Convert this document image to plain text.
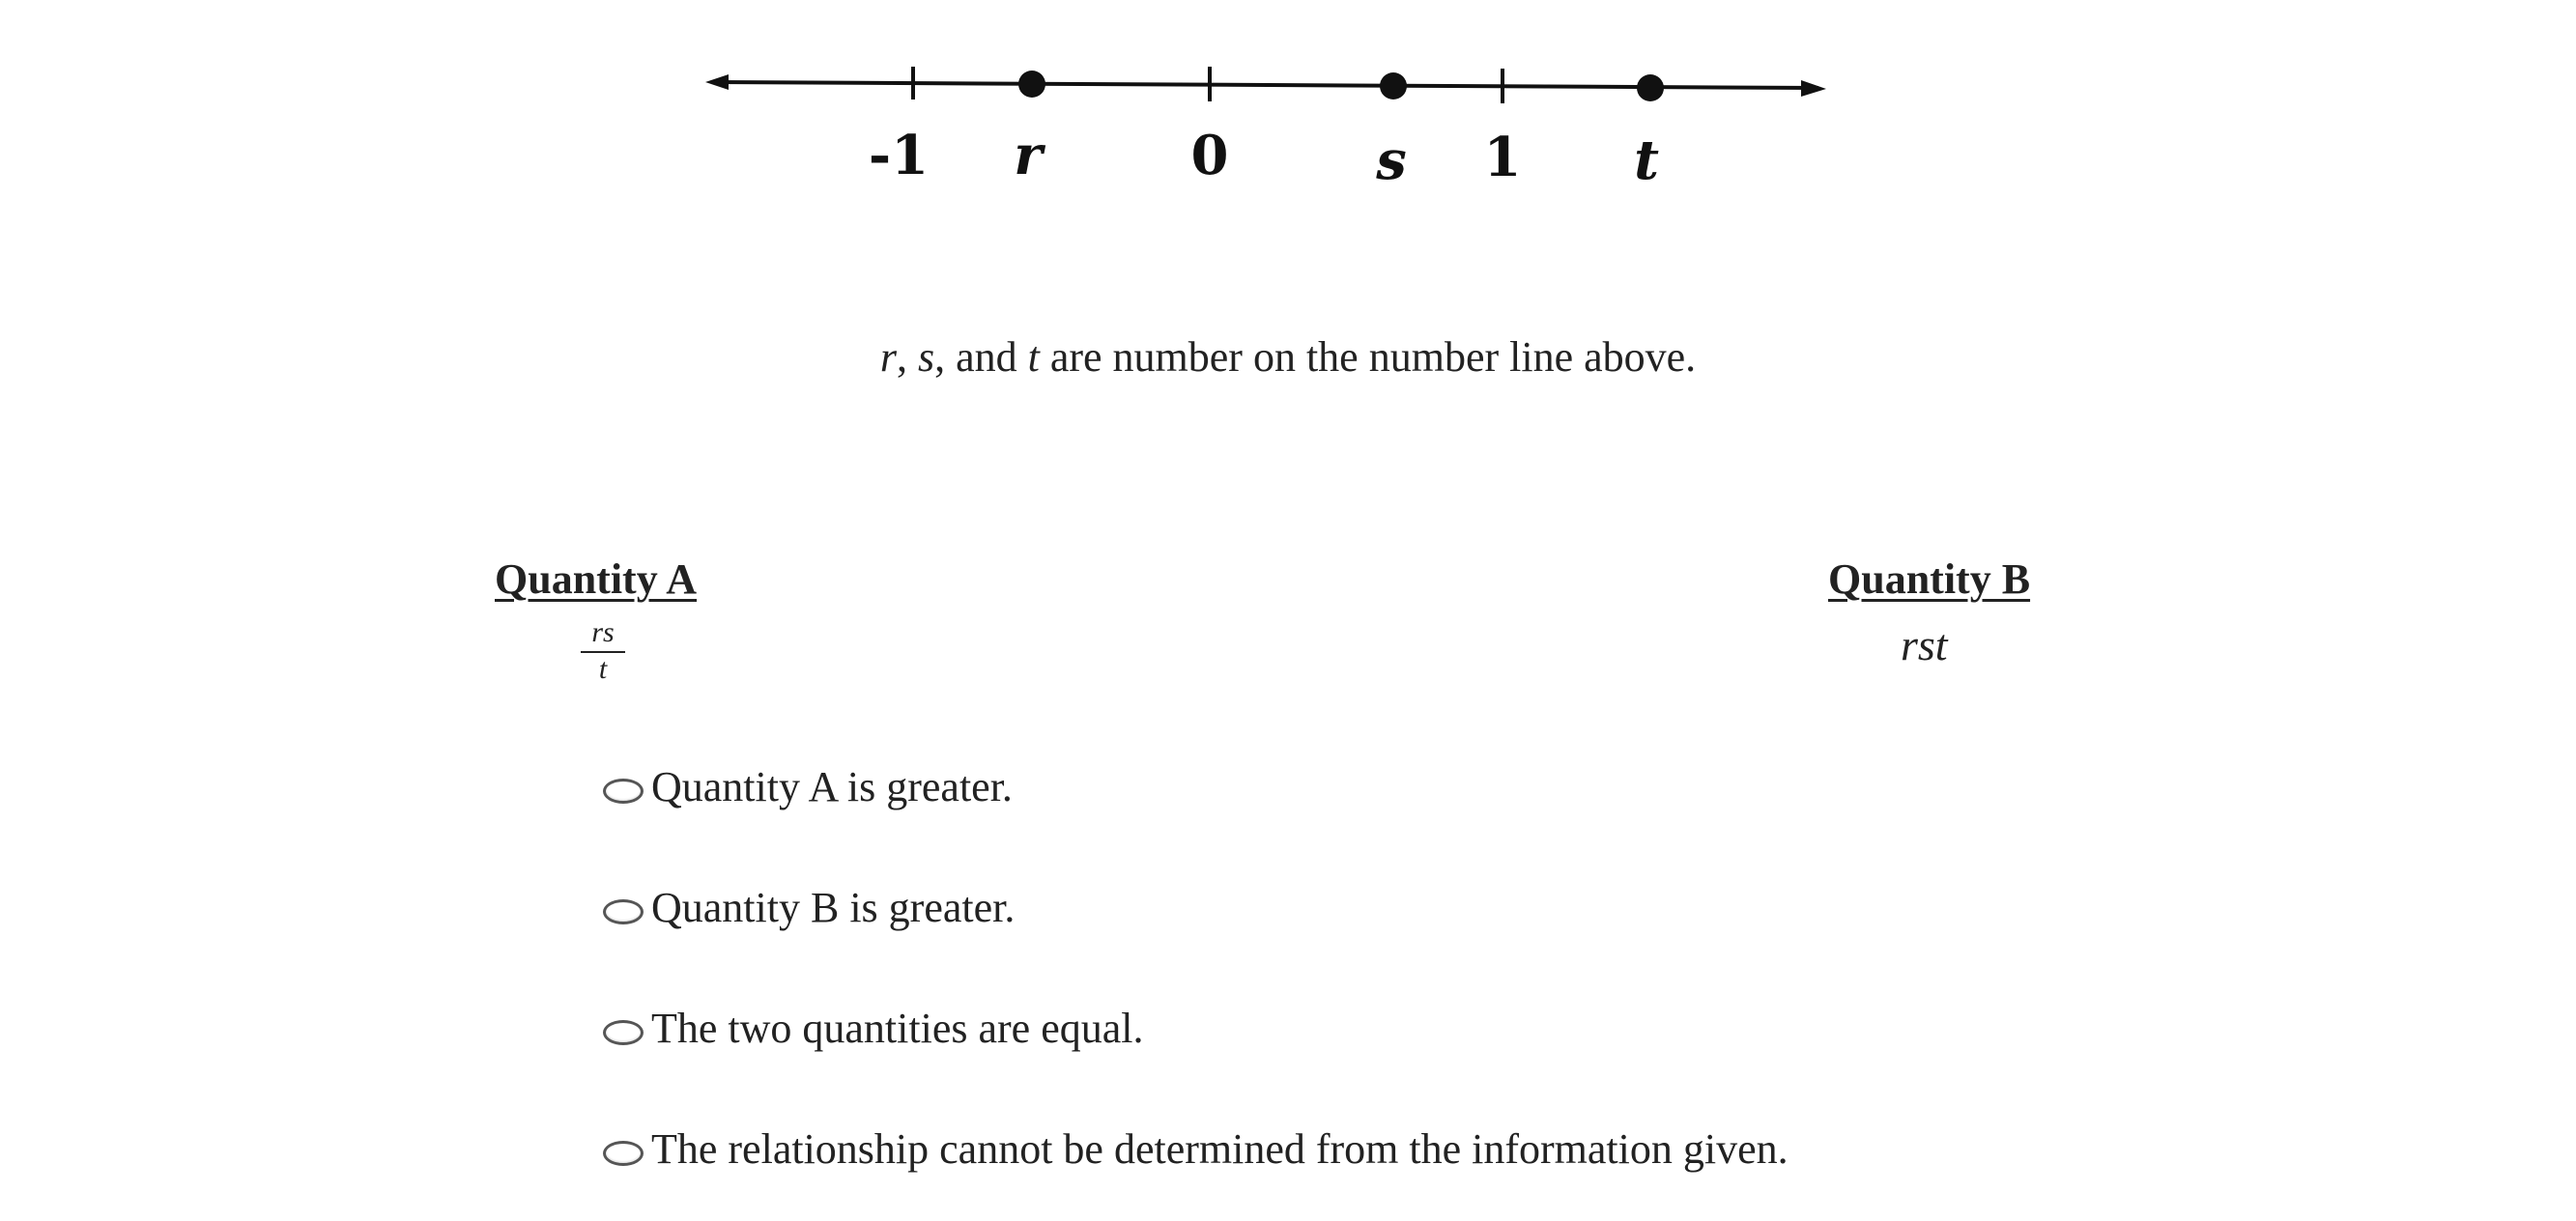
-1	0	1
r	s	t
r, s, and t are number on the number line above.
Quantity A
rs
t
Quantity B
rst
Quantity A is greater.
Quantity B is greater.
The two quantities are equal.
The relationship cannot be determined from the information given.
